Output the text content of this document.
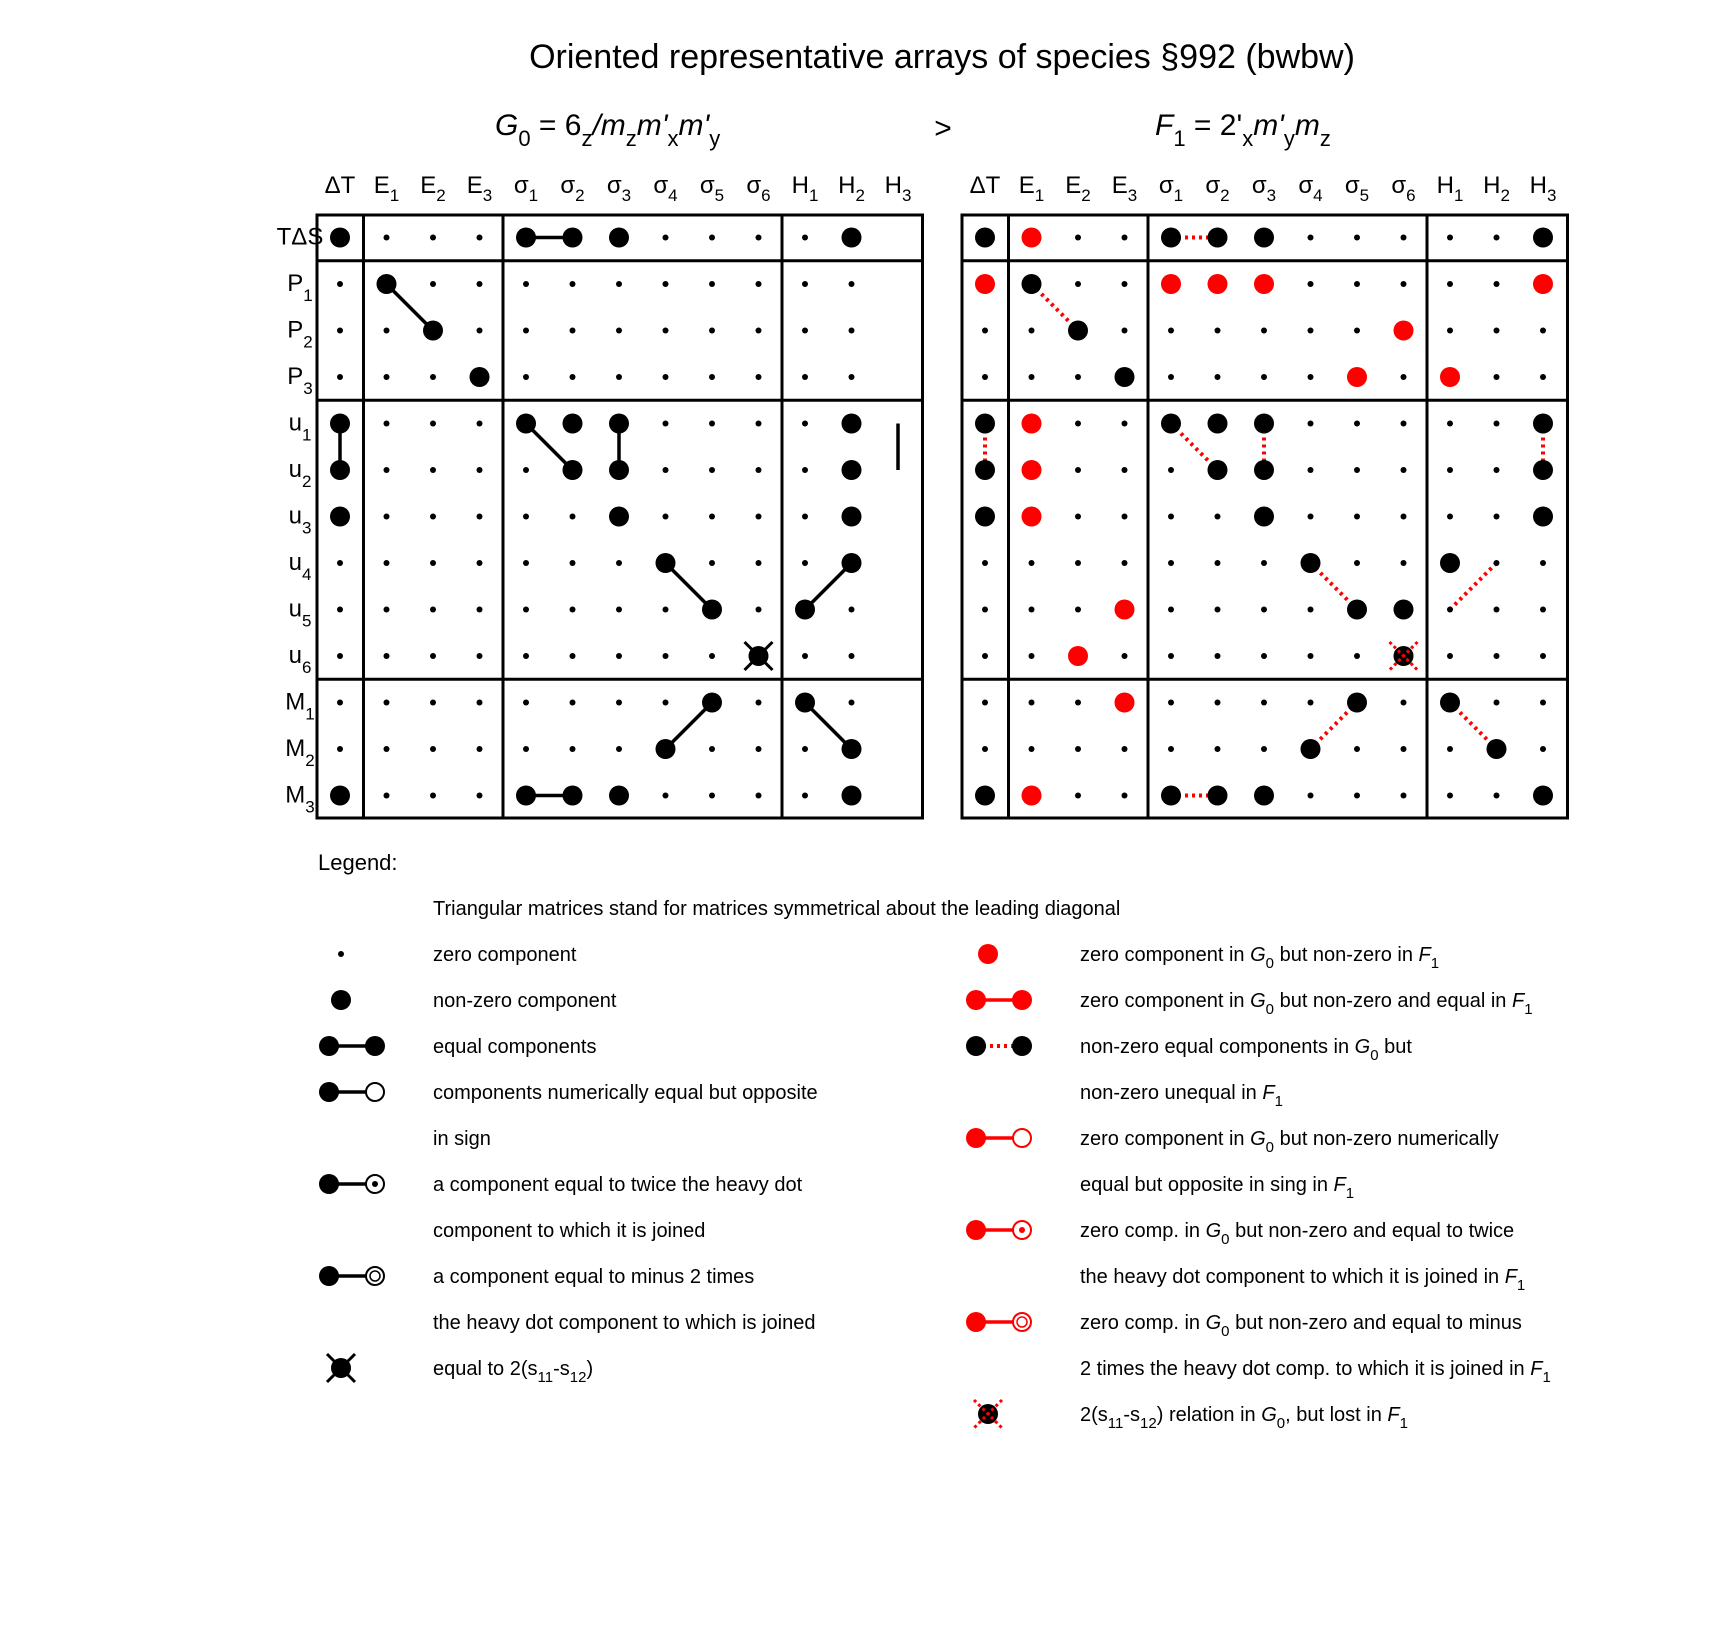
Oriented representative arrays of species §992 (bwbw)
$G_0 = 6_z/m_zm'_xm'_y$	$F_1 = 2'_xm'_ym_z$
>
ΔT $E_1$ $E_2$ $E_3$ $\sigma_1$ $\sigma_2$ $\sigma_3$ $\sigma_4$ $\sigma_5$ $\sigma_6$ $H_1$ $H_2$ $H_3$
TΔS
$P_1$
$P_2$
$P_3$
$u_1$
$u_2$
$u_3$
$u_4$
$u_5$
$u_6$
$M_1$
$M_2$
$M_3$
ΔT $E_1$ $E_2$ $E_3$ $\sigma_1$ $\sigma_2$ $\sigma_3$ $\sigma_4$ $\sigma_5$ $\sigma_6$ $H_1$ $H_2$ $H_3$
Legend:
Triangular matrices stand for matrices symmetrical about the leading diagonal
zero component
non-zero component
equal components
components numerically equal but opposite
in sign
a component equal to twice the heavy dot
component to which it is joined
a component equal to minus 2 times
the heavy dot component to which is joined
equal to $2(s_{11}-s_{12})$
zero component in $G_0$ but non-zero in $F_1$
zero component in $G_0$ but non-zero and equal in $F_1$
non-zero equal components in $G_0$ but
non-zero unequal in $F_1$
zero component in $G_0$ but non-zero numerically
equal but opposite in sing in $F_1$
zero comp. in $G_0$ but non-zero and equal to twice
the heavy dot component to which it is joined in $F_1$
zero comp. in $G_0$ but non-zero and equal to minus
2 times the heavy dot comp. to which it is joined in $F_1$
$2(s_{11}-s_{12})$ relation in $G_0$, but lost in $F_1$
